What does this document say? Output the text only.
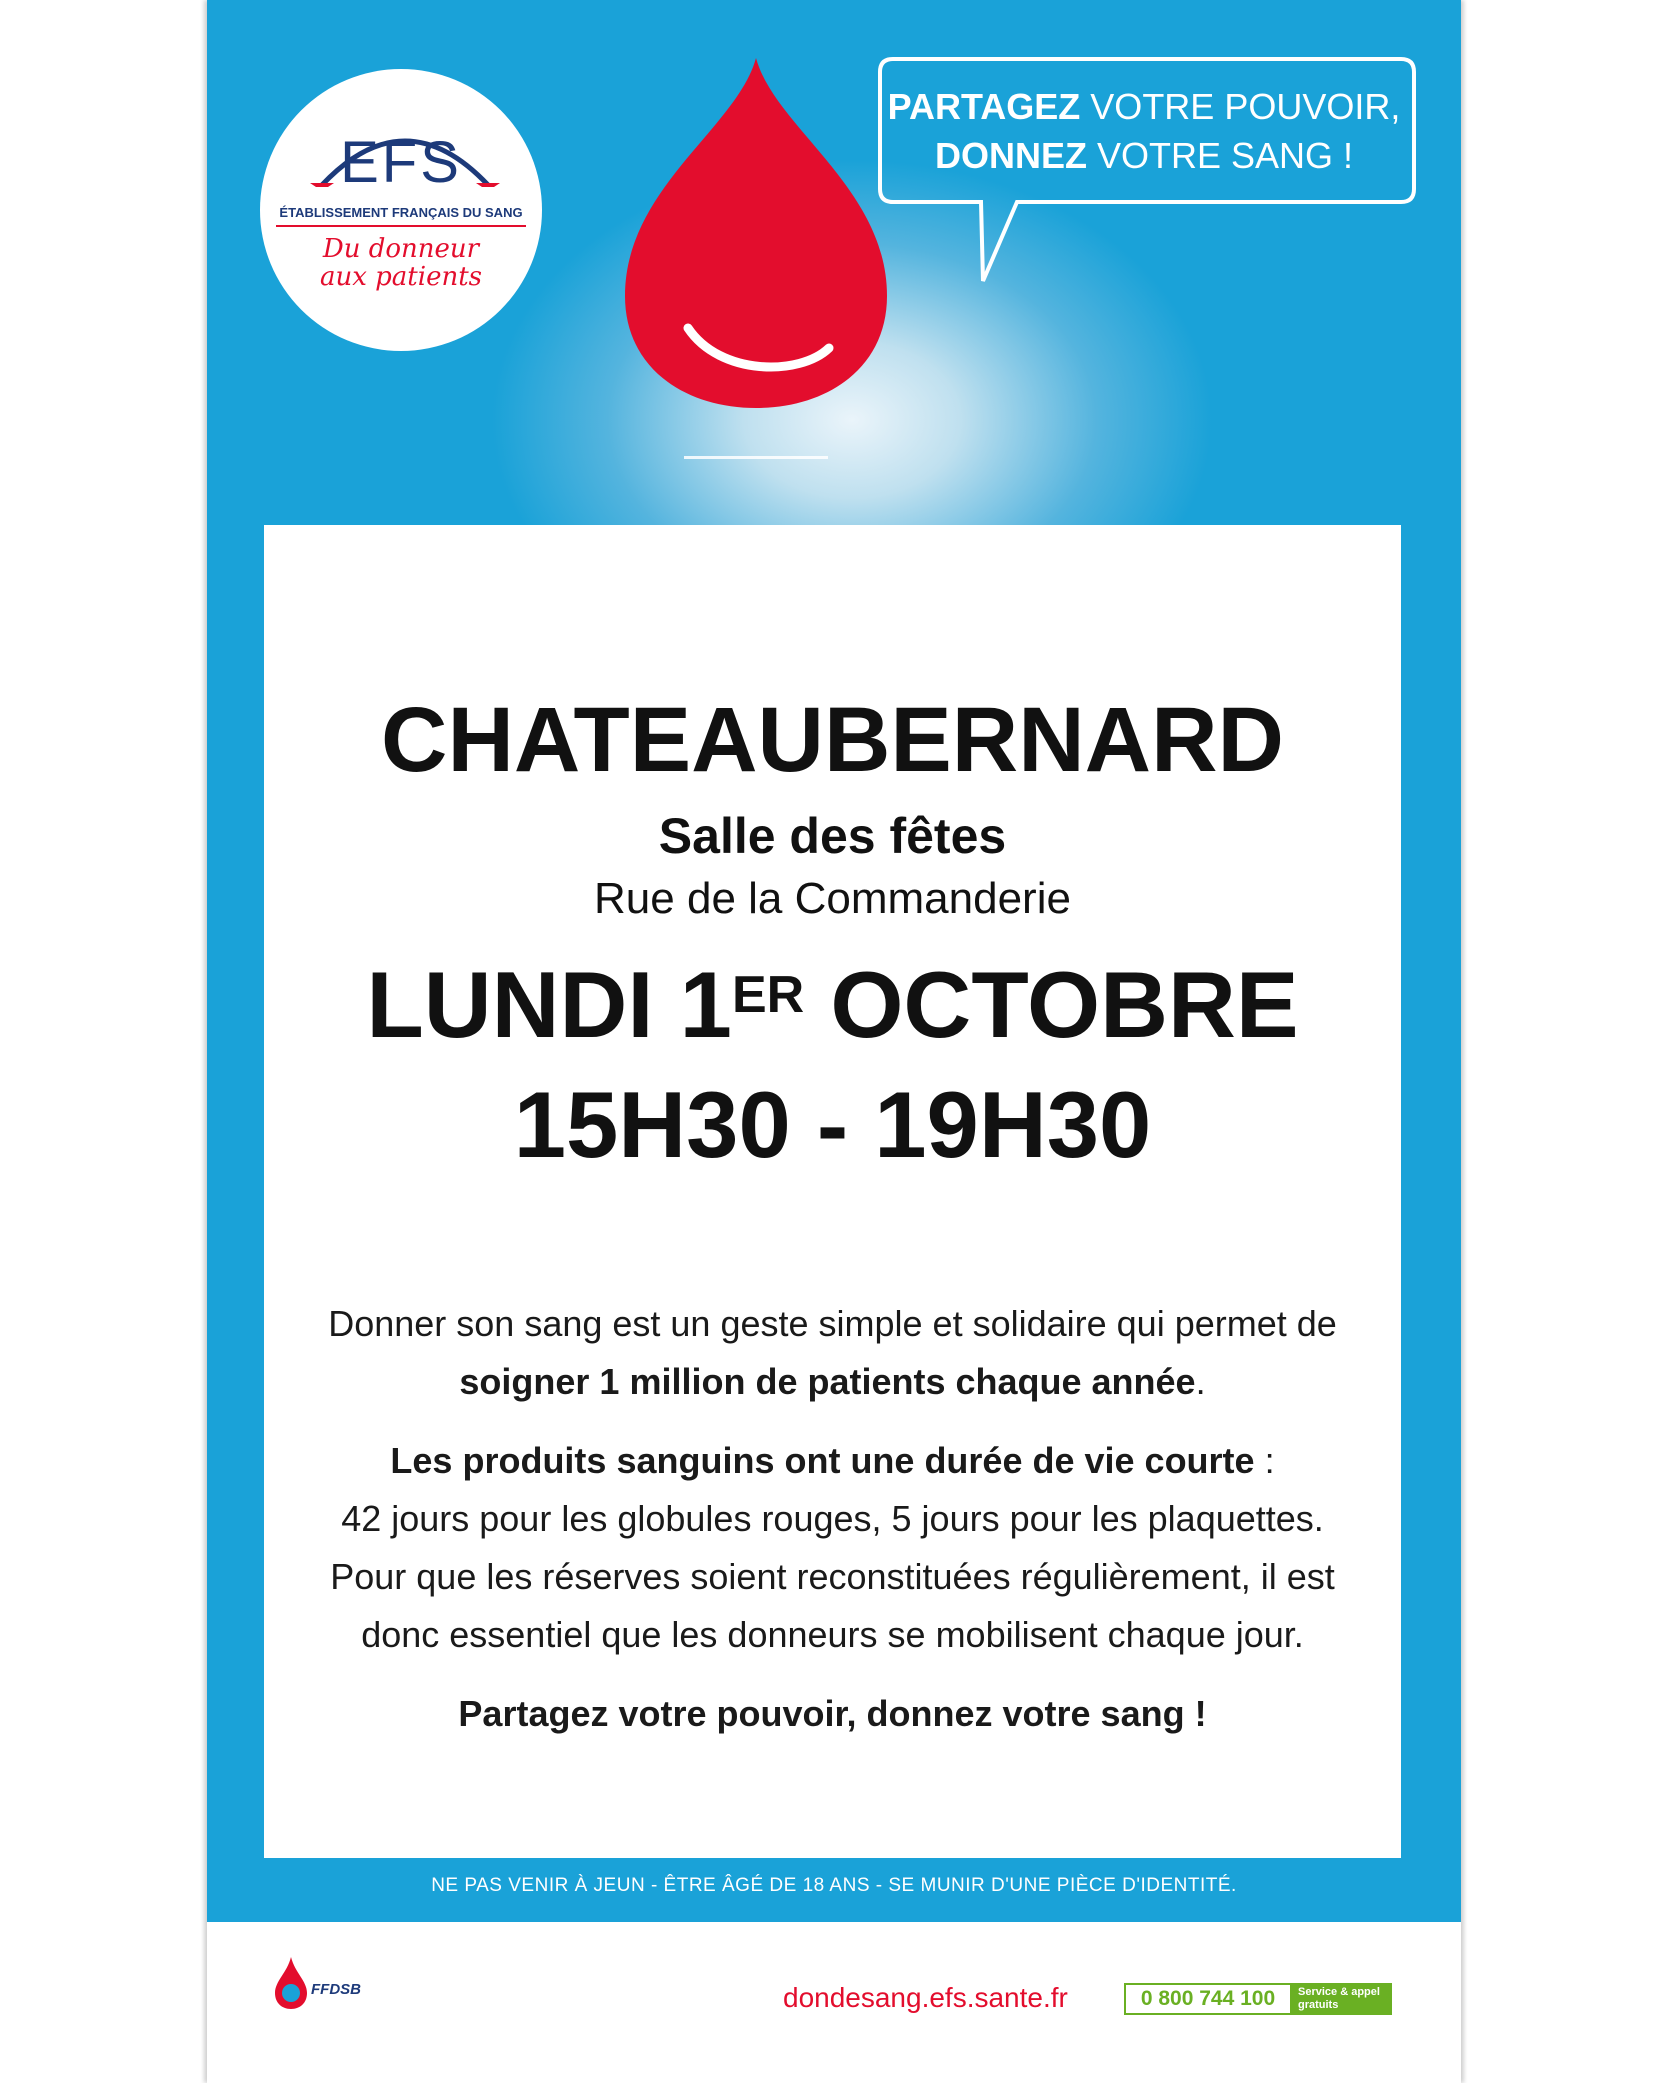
EFS
ÉTABLISSEMENT FRANÇAIS DU SANG
Du donneur
aux patients
PARTAGEZ VOTRE POUVOIR,
DONNEZ VOTRE SANG !
CHATEAUBERNARD
Salle des fêtes
Rue de la Commanderie
LUNDI 1ER OCTOBRE
15H30 - 19H30
Donner son sang est un geste simple et solidaire qui permet de
soigner 1 million de patients chaque année.
Les produits sanguins ont une durée de vie courte :
42 jours pour les globules rouges, 5 jours pour les plaquettes.
Pour que les réserves soient reconstituées régulièrement, il est
donc essentiel que les donneurs se mobilisent chaque jour.
Partagez votre pouvoir, donnez votre sang !
NE PAS VENIR À JEUN - ÊTRE ÂGÉ DE 18 ANS - SE MUNIR D'UNE PIÈCE D'IDENTITÉ.
FFDSB	dondesang.efs.sante.fr	0 800 744 100	Service & appel
gratuits
